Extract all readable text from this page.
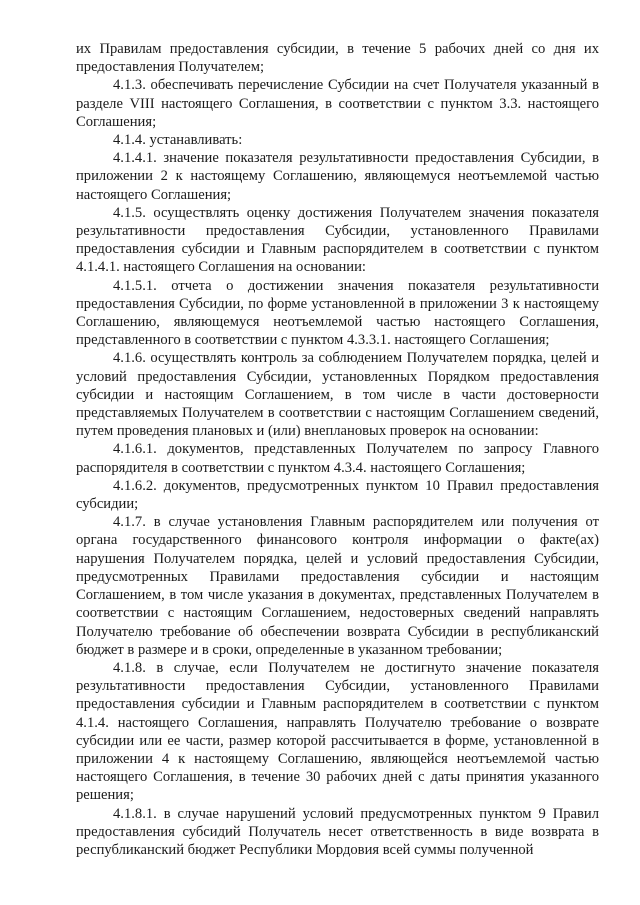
их Правилам предоставления субсидии, в течение 5 рабочих дней со дня их предоставления Получателем;

4.1.3. обеспечивать перечисление Субсидии на счет Получателя указанный в разделе VIII настоящего Соглашения, в соответствии с пунктом 3.3. настоящего Соглашения;

4.1.4. устанавливать:

4.1.4.1. значение показателя результативности предоставления Субсидии, в приложении 2 к настоящему Соглашению, являющемуся неотъемлемой частью настоящего Соглашения;

4.1.5. осуществлять оценку достижения Получателем значения показателя результативности предоставления Субсидии, установленного Правилами предоставления субсидии и Главным распорядителем в соответствии с пунктом 4.1.4.1. настоящего Соглашения на основании:

4.1.5.1. отчета о достижении значения показателя результативности предоставления Субсидии, по форме установленной в приложении 3 к настоящему Соглашению, являющемуся неотъемлемой частью настоящего Соглашения, представленного в соответствии с пунктом 4.3.3.1. настоящего Соглашения;

4.1.6. осуществлять контроль за соблюдением Получателем порядка, целей и условий предоставления Субсидии, установленных Порядком предоставления субсидии и настоящим Соглашением, в том числе в части достоверности представляемых Получателем в соответствии с настоящим Соглашением сведений, путем проведения плановых и (или) внеплановых проверок на основании:

4.1.6.1. документов, представленных Получателем по запросу Главного распорядителя в соответствии с пунктом 4.3.4. настоящего Соглашения;

4.1.6.2. документов, предусмотренных пунктом 10 Правил предоставления субсидии;

4.1.7. в случае установления Главным распорядителем или получения от органа государственного финансового контроля информации о факте(ах) нарушения Получателем порядка, целей и условий предоставления Субсидии, предусмотренных Правилами предоставления субсидии и настоящим Соглашением, в том числе указания в документах, представленных Получателем в соответствии с настоящим Соглашением, недостоверных сведений направлять Получателю требование об обеспечении возврата Субсидии в республиканский бюджет в размере и в сроки, определенные в указанном требовании;

4.1.8. в случае, если Получателем не достигнуто значение показателя результативности предоставления Субсидии, установленного Правилами предоставления субсидии и Главным распорядителем в соответствии с пунктом 4.1.4. настоящего Соглашения, направлять Получателю требование о возврате субсидии или ее части, размер которой рассчитывается в форме, установленной в приложении 4 к настоящему Соглашению, являющейся неотъемлемой частью настоящего Соглашения, в течение 30 рабочих дней с даты принятия указанного решения;

4.1.8.1. в случае нарушений условий предусмотренных пунктом 9 Правил предоставления субсидий Получатель несет ответственность в виде возврата в республиканский бюджет Республики Мордовия всей суммы полученной
